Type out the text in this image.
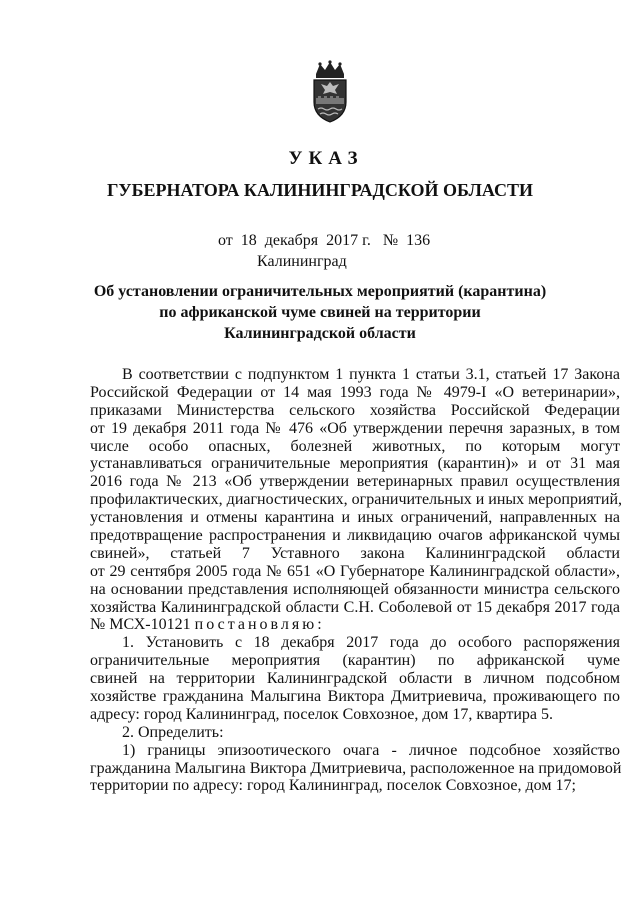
УКАЗ
ГУБЕРНАТОРА КАЛИНИНГРАДСКОЙ ОБЛАСТИ
от  18  декабря  2017 г.   №  136
Калининград
Об установлении ограничительных мероприятий (карантина)
по африканской чуме свиней на территории
Калининградской области
В соответствии с подпунктом 1 пункта 1 статьи 3.1, статьей 17 Закона
Российской Федерации от 14 мая 1993 года № 4979-I «О ветеринарии»,
приказами Министерства сельского хозяйства Российской Федерации
от 19 декабря 2011 года № 476 «Об утверждении перечня заразных, в том
числе особо опасных, болезней животных, по которым могут
устанавливаться ограничительные мероприятия (карантин)» и от 31 мая
2016 года № 213 «Об утверждении ветеринарных правил осуществления
профилактических, диагностических, ограничительных и иных мероприятий,
установления и отмены карантина и иных ограничений, направленных на
предотвращение распространения и ликвидацию очагов африканской чумы
свиней», статьей 7 Уставного закона Калининградской области
от 29 сентября 2005 года № 651 «О Губернаторе Калининградской области»,
на основании представления исполняющей обязанности министра сельского
хозяйства Калининградской области С.Н. Соболевой от 15 декабря 2017 года
№ МСХ-10121 постановляю:
1. Установить с 18 декабря 2017 года до особого распоряжения
ограничительные мероприятия (карантин) по африканской чуме
свиней на территории Калининградской области в личном подсобном
хозяйстве гражданина Малыгина Виктора Дмитриевича, проживающего по
адресу: город Калининград, поселок Совхозное, дом 17, квартира 5.
2. Определить:
1) границы эпизоотического очага - личное подсобное хозяйство
гражданина Малыгина Виктора Дмитриевича, расположенное на придомовой
территории по адресу: город Калининград, поселок Совхозное, дом 17;
